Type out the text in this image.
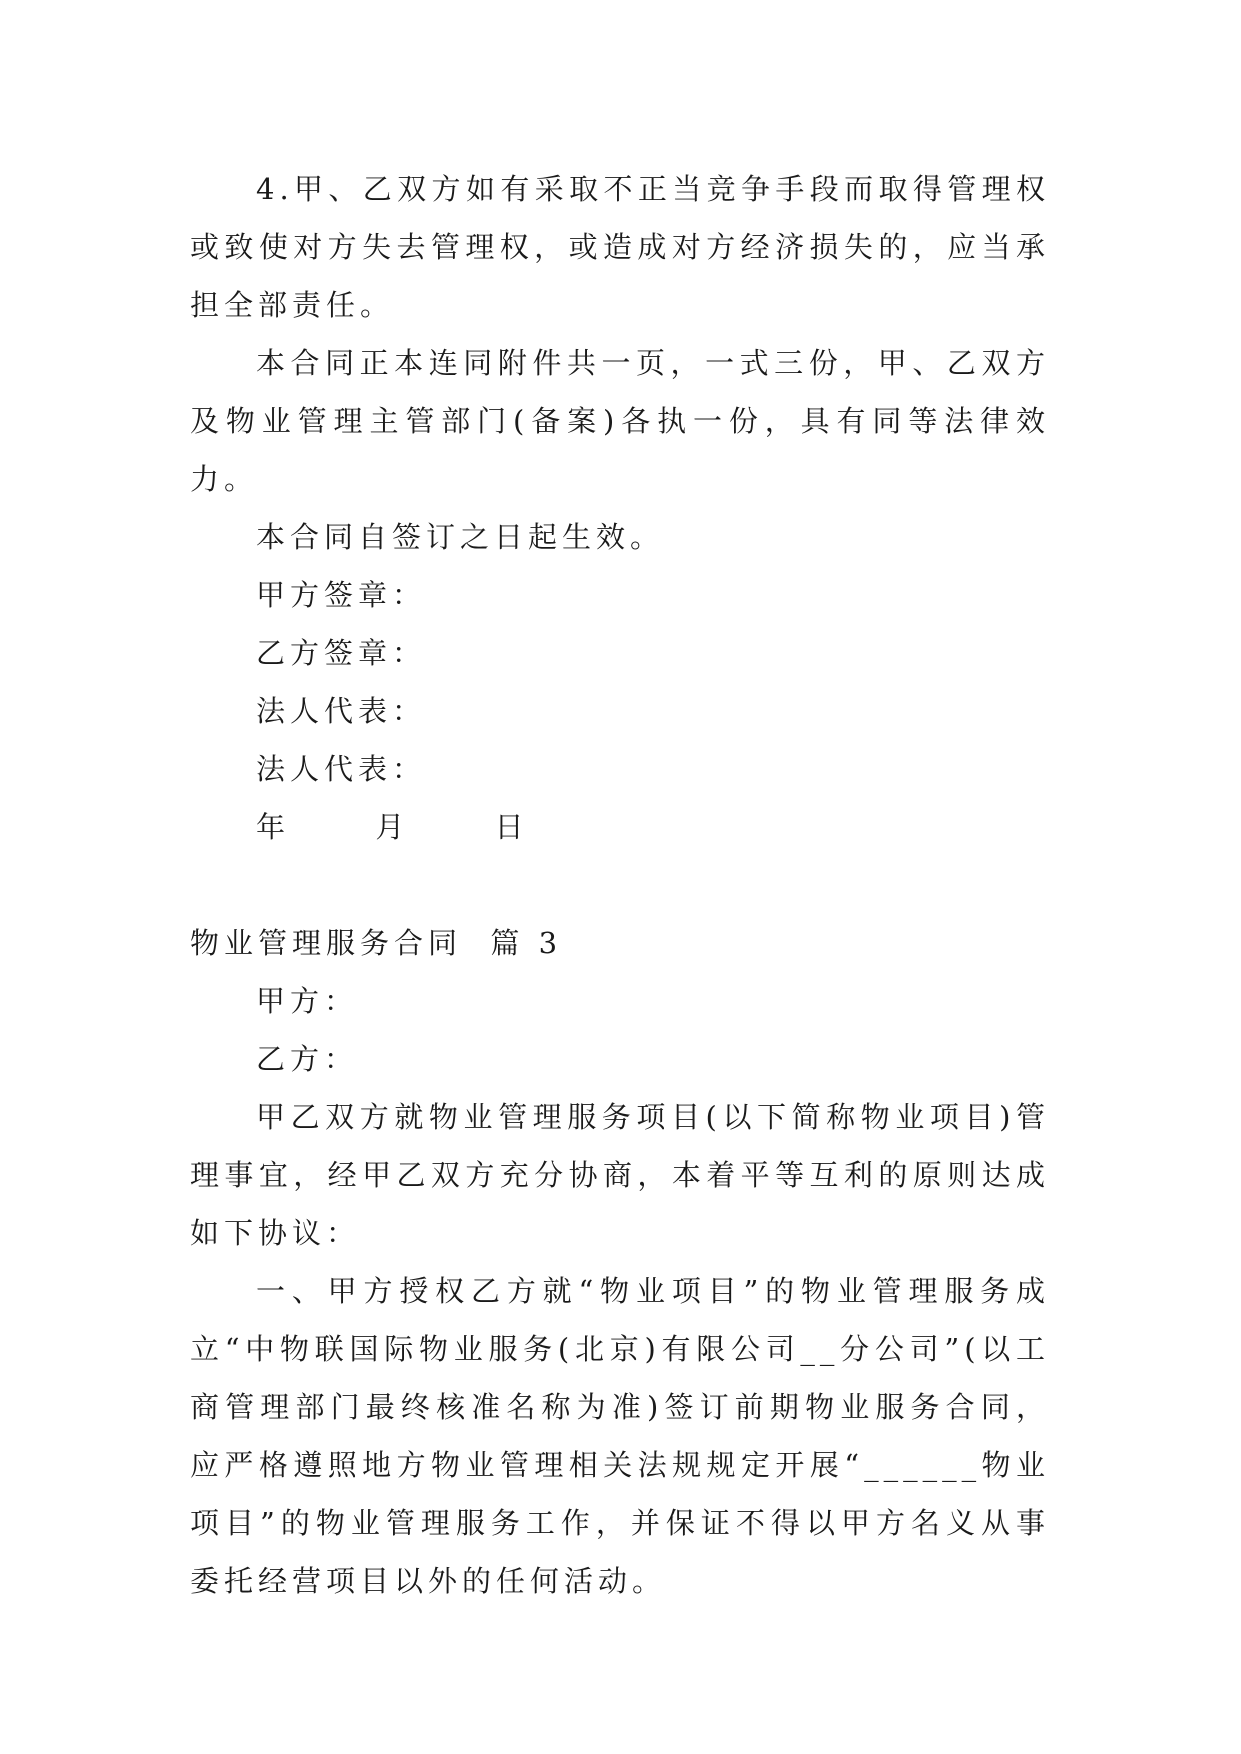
4.甲、乙双方如有采取不正当竞争手段而取得管理权或致使对方失去管理权，或造成对方经济损失的，应当承担全部责任。

本合同正本连同附件共一页，一式三份，甲、乙双方及物业管理主管部门(备案)各执一份，具有同等法律效力。

本合同自签订之日起生效。

甲方签章：

乙方签章：

法人代表：

法人代表：

年	月	日

物业管理服务合同  篇 3

甲方：

乙方：

甲乙双方就物业管理服务项目(以下简称物业项目)管理事宜，经甲乙双方充分协商，本着平等互利的原则达成如下协议：

一、甲方授权乙方就“物业项目”的物业管理服务成立“中物联国际物业服务(北京)有限公司__分公司”(以工商管理部门最终核准名称为准)签订前期物业服务合同，应严格遵照地方物业管理相关法规规定开展“______物业项目”的物业管理服务工作，并保证不得以甲方名义从事委托经营项目以外的任何活动。
